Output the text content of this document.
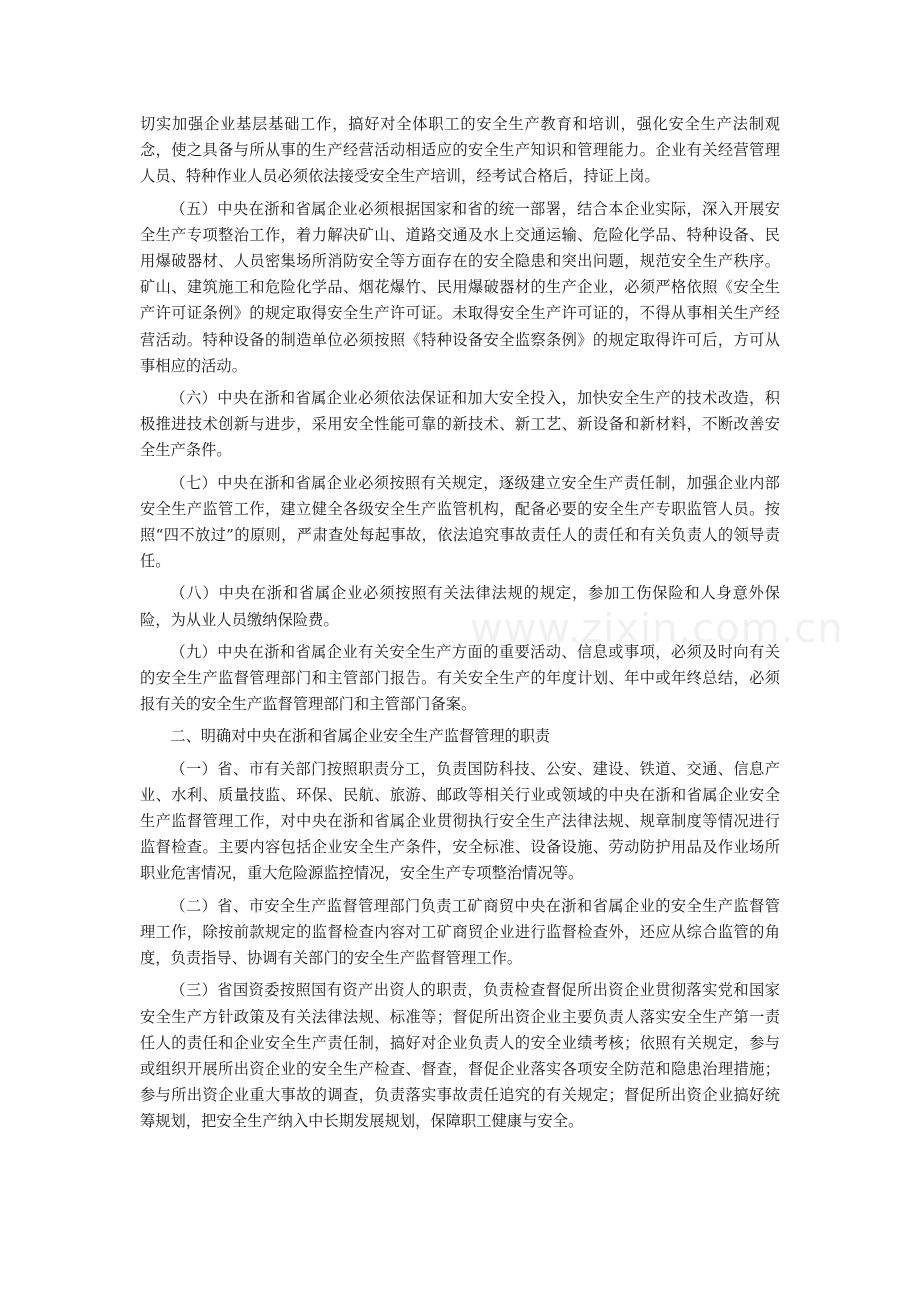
切实加强企业基层基础工作，搞好对全体职工的安全生产教育和培训，强化安全生产法制观念，使之具备与所从事的生产经营活动相适应的安全生产知识和管理能力。企业有关经营管理人员、特种作业人员必须依法接受安全生产培训，经考试合格后，持证上岗。

（五）中央在浙和省属企业必须根据国家和省的统一部署，结合本企业实际，深入开展安全生产专项整治工作，着力解决矿山、道路交通及水上交通运输、危险化学品、特种设备、民用爆破器材、人员密集场所消防安全等方面存在的安全隐患和突出问题，规范安全生产秩序。矿山、建筑施工和危险化学品、烟花爆竹、民用爆破器材的生产企业，必须严格依照《安全生产许可证条例》的规定取得安全生产许可证。未取得安全生产许可证的，不得从事相关生产经营活动。特种设备的制造单位必须按照《特种设备安全监察条例》的规定取得许可后，方可从事相应的活动。

（六）中央在浙和省属企业必须依法保证和加大安全投入，加快安全生产的技术改造，积极推进技术创新与进步，采用安全性能可靠的新技术、新工艺、新设备和新材料，不断改善安全生产条件。

（七）中央在浙和省属企业必须按照有关规定，逐级建立安全生产责任制，加强企业内部安全生产监管工作，建立健全各级安全生产监管机构，配备必要的安全生产专职监管人员。按照“四不放过”的原则，严肃查处每起事故，依法追究事故责任人的责任和有关负责人的领导责任。

（八）中央在浙和省属企业必须按照有关法律法规的规定，参加工伤保险和人身意外保险，为从业人员缴纳保险费。

（九）中央在浙和省属企业有关安全生产方面的重要活动、信息或事项，必须及时向有关的安全生产监督管理部门和主管部门报告。有关安全生产的年度计划、年中或年终总结，必须报有关的安全生产监督管理部门和主管部门备案。

二、明确对中央在浙和省属企业安全生产监督管理的职责

（一）省、市有关部门按照职责分工，负责国防科技、公安、建设、铁道、交通、信息产业、水利、质量技监、环保、民航、旅游、邮政等相关行业或领域的中央在浙和省属企业安全生产监督管理工作，对中央在浙和省属企业贯彻执行安全生产法律法规、规章制度等情况进行监督检查。主要内容包括企业安全生产条件，安全标准、设备设施、劳动防护用品及作业场所职业危害情况，重大危险源监控情况，安全生产专项整治情况等。

（二）省、市安全生产监督管理部门负责工矿商贸中央在浙和省属企业的安全生产监督管理工作，除按前款规定的监督检查内容对工矿商贸企业进行监督检查外，还应从综合监管的角度，负责指导、协调有关部门的安全生产监督管理工作。

（三）省国资委按照国有资产出资人的职责，负责检查督促所出资企业贯彻落实党和国家安全生产方针政策及有关法律法规、标准等；督促所出资企业主要负责人落实安全生产第一责任人的责任和企业安全生产责任制，搞好对企业负责人的安全业绩考核；依照有关规定，参与或组织开展所出资企业的安全生产检查、督查，督促企业落实各项安全防范和隐患治理措施；参与所出资企业重大事故的调查，负责落实事故责任追究的有关规定；督促所出资企业搞好统筹规划，把安全生产纳入中长期发展规划，保障职工健康与安全。

www.zixin.com.cn
